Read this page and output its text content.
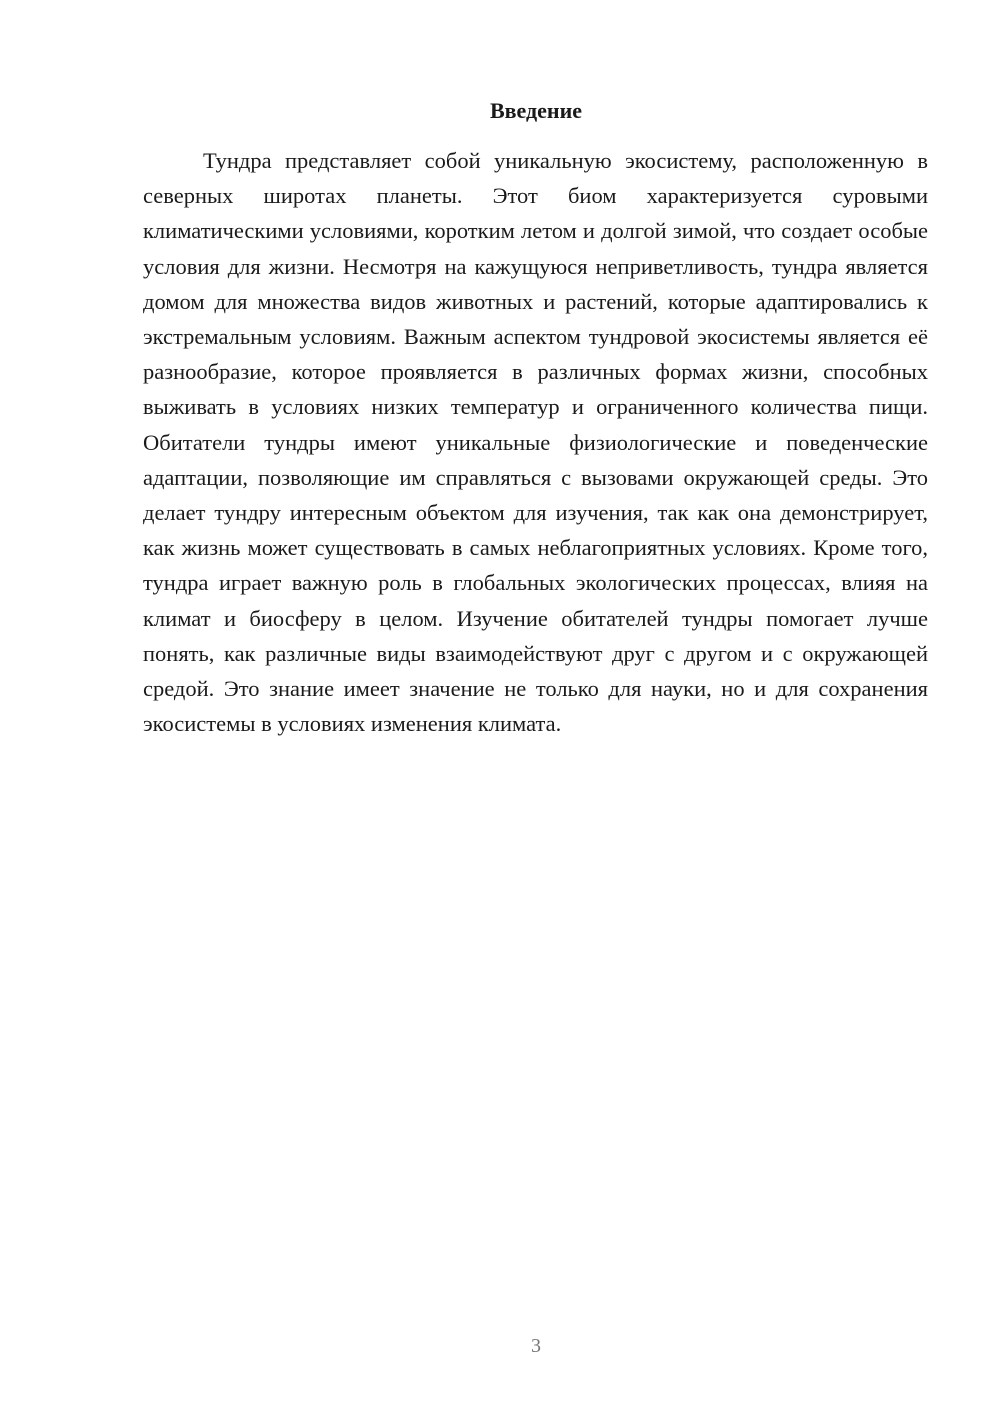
Введение

Тундра представляет собой уникальную экосистему, расположенную в северных широтах планеты. Этот биом характеризуется суровыми климатическими условиями, коротким летом и долгой зимой, что создает особые условия для жизни. Несмотря на кажущуюся неприветливость, тундра является домом для множества видов животных и растений, которые адаптировались к экстремальным условиям. Важным аспектом тундровой экосистемы является её разнообразие, которое проявляется в различных формах жизни, способных выживать в условиях низких температур и ограниченного количества пищи. Обитатели тундры имеют уникальные физиологические и поведенческие адаптации, позволяющие им справляться с вызовами окружающей среды. Это делает тундру интересным объектом для изучения, так как она демонстрирует, как жизнь может существовать в самых неблагоприятных условиях. Кроме того, тундра играет важную роль в глобальных экологических процессах, влияя на климат и биосферу в целом. Изучение обитателей тундры помогает лучше понять, как различные виды взаимодействуют друг с другом и с окружающей средой. Это знание имеет значение не только для науки, но и для сохранения экосистемы в условиях изменения климата.

3
